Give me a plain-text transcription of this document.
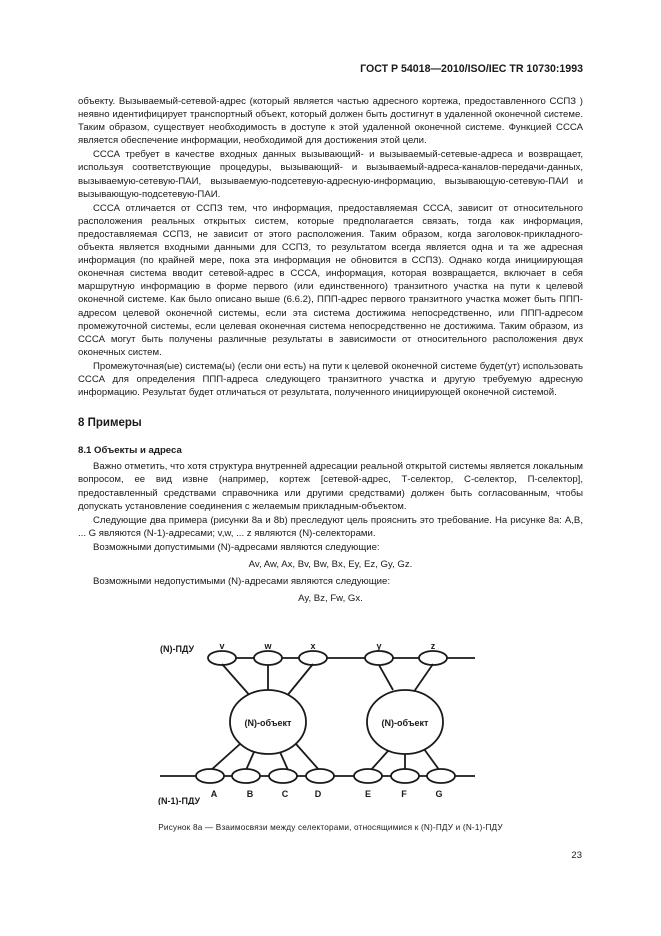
ГОСТ Р 54018—2010/ISO/IEC TR 10730:1993

объекту. Вызываемый-сетевой-адрес (который является частью адресного кортежа, предоставленного ССПЗ ) неявно идентифицирует транспортный объект, который должен быть достигнут в удаленной оконечной системе. Таким образом, существует необходимость в доступе к этой удаленной оконечной системе. Функцией СССА является обеспечение информации, необходимой для достижения этой цели.

СССА требует в качестве входных данных вызывающий- и вызываемый-сетевые-адреса и возвращает, используя соответствующие процедуры, вызывающий- и вызываемый-адреса-каналов-передачи-данных, вызываемую-сетевую-ПАИ, вызываемую-подсетевую-адресную-информацию, вызывающую-сетевую-ПАИ и вызывающую-подсетевую-ПАИ.

СССА отличается от ССПЗ тем, что информация, предоставляемая СССА, зависит от относительного расположения реальных открытых систем, которые предполагается связать, тогда как информация, предоставляемая ССПЗ, не зависит от этого расположения. Таким образом, когда заголовок-прикладного-объекта является входными данными для ССПЗ, то результатом всегда является одна и та же адресная информация (по крайней мере, пока эта информация не обновится в ССПЗ). Однако когда инициирующая оконечная система вводит сетевой-адрес в СССА, информация, которая возвращается, включает в себя маршрутную информацию в форме первого (или единственного) транзитного участка на пути к целевой оконечной системе. Как было описано выше (6.6.2), ППП-адрес первого транзитного участка может быть ППП-адресом целевой оконечной системы, если эта система достижима непосредственно, или ППП-адресом промежуточной системы, если целевая оконечная система непосредственно не достижима. Таким образом, из СССА могут быть получены различные результаты в зависимости от относительного расположения двух оконечных систем.

Промежуточная(ые) система(ы) (если они есть) на пути к целевой оконечной системе будет(ут) использовать СССА для определения ППП-адреса следующего транзитного участка и другую требуемую адресную информацию. Результат будет отличаться от результата, полученного инициирующей оконечной системой.

8 Примеры
8.1 Объекты и адреса

Важно отметить, что хотя структура внутренней адресации реальной открытой системы является локальным вопросом, ее вид извне (например, кортеж [сетевой-адрес, Т-селектор, С-селектор, П-селектор], предоставленный средствами справочника или другими средствами) должен быть согласованным, чтобы допускать установление соединения с желаемым прикладным-объектом.

Следующие два примера (рисунки 8а и 8b) преследуют цель прояснить это требование. На рисунке 8а: А,В, ... G являются (N-1)-адресами; v,w, ... z являются (N)-селекторами.

Возможными допустимыми (N)-адресами являются следующие:

Av, Aw, Ax, Bv, Bw, Bx, Ey, Ez, Gy, Gz.

Возможными недопустимыми (N)-адресами являются следующие:

Ay, Bz, Fw, Gx.

(N)-ПДУ
(N-1)-ПДУ
v	w	x	y	z
(N)-объект	(N)-объект
A	B	C	D	E	F	G
Рисунок 8а — Взаимосвязи между селекторами, относящимися к (N)-ПДУ и (N-1)-ПДУ
23
